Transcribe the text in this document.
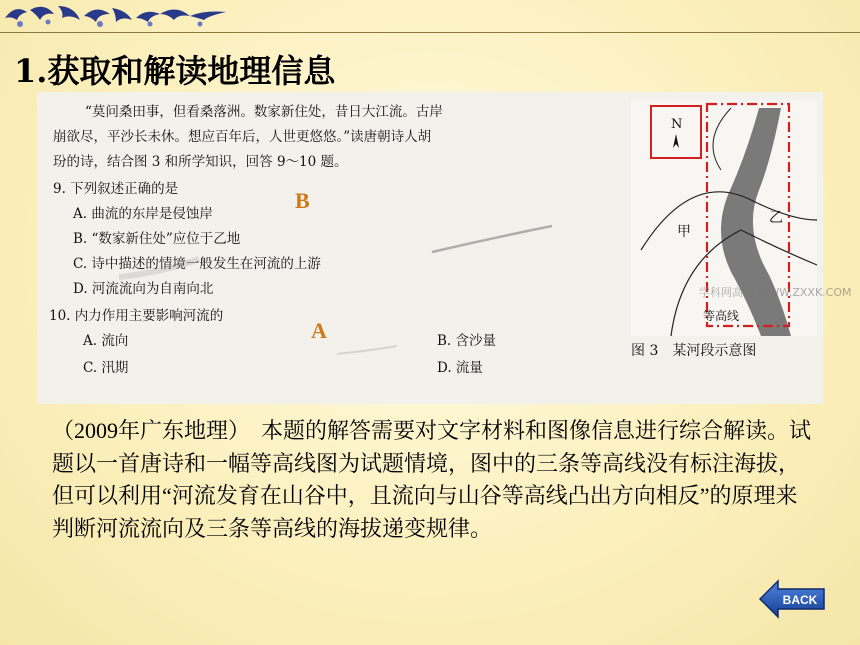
1.获取和解读地理信息
“莫问桑田事，但看桑落洲。数家新住处，昔日大江流。古岸
崩欲尽，平沙长未休。想应百年后，人世更悠悠。”读唐朝诗人胡
玢的诗，结合图 3 和所学知识，回答 9～10 题。
9. 下列叙述正确的是
A. 曲流的东岸是侵蚀岸
B. “数家新住处”应位于乙地
C. 诗中描述的情境一般发生在河流的上游
D. 河流流向为自南向北
10. 内力作用主要影响河流的
A. 流向	B. 含沙量
C. 汛期	D. 流量
B
A
N
甲
乙
学科网高考 WWW.ZXXK.COM
等高线
图 3　某河段示意图

（2009年广东地理）　本题的解答需要对文字材料和图像信息进行综合解读。试题以一首唐诗和一幅等高线图为试题情境，图中的三条等高线没有标注海拔，但可以利用“河流发育在山谷中，且流向与山谷等高线凸出方向相反”的原理来判断河流流向及三条等高线的海拔递变规律。

BACK
